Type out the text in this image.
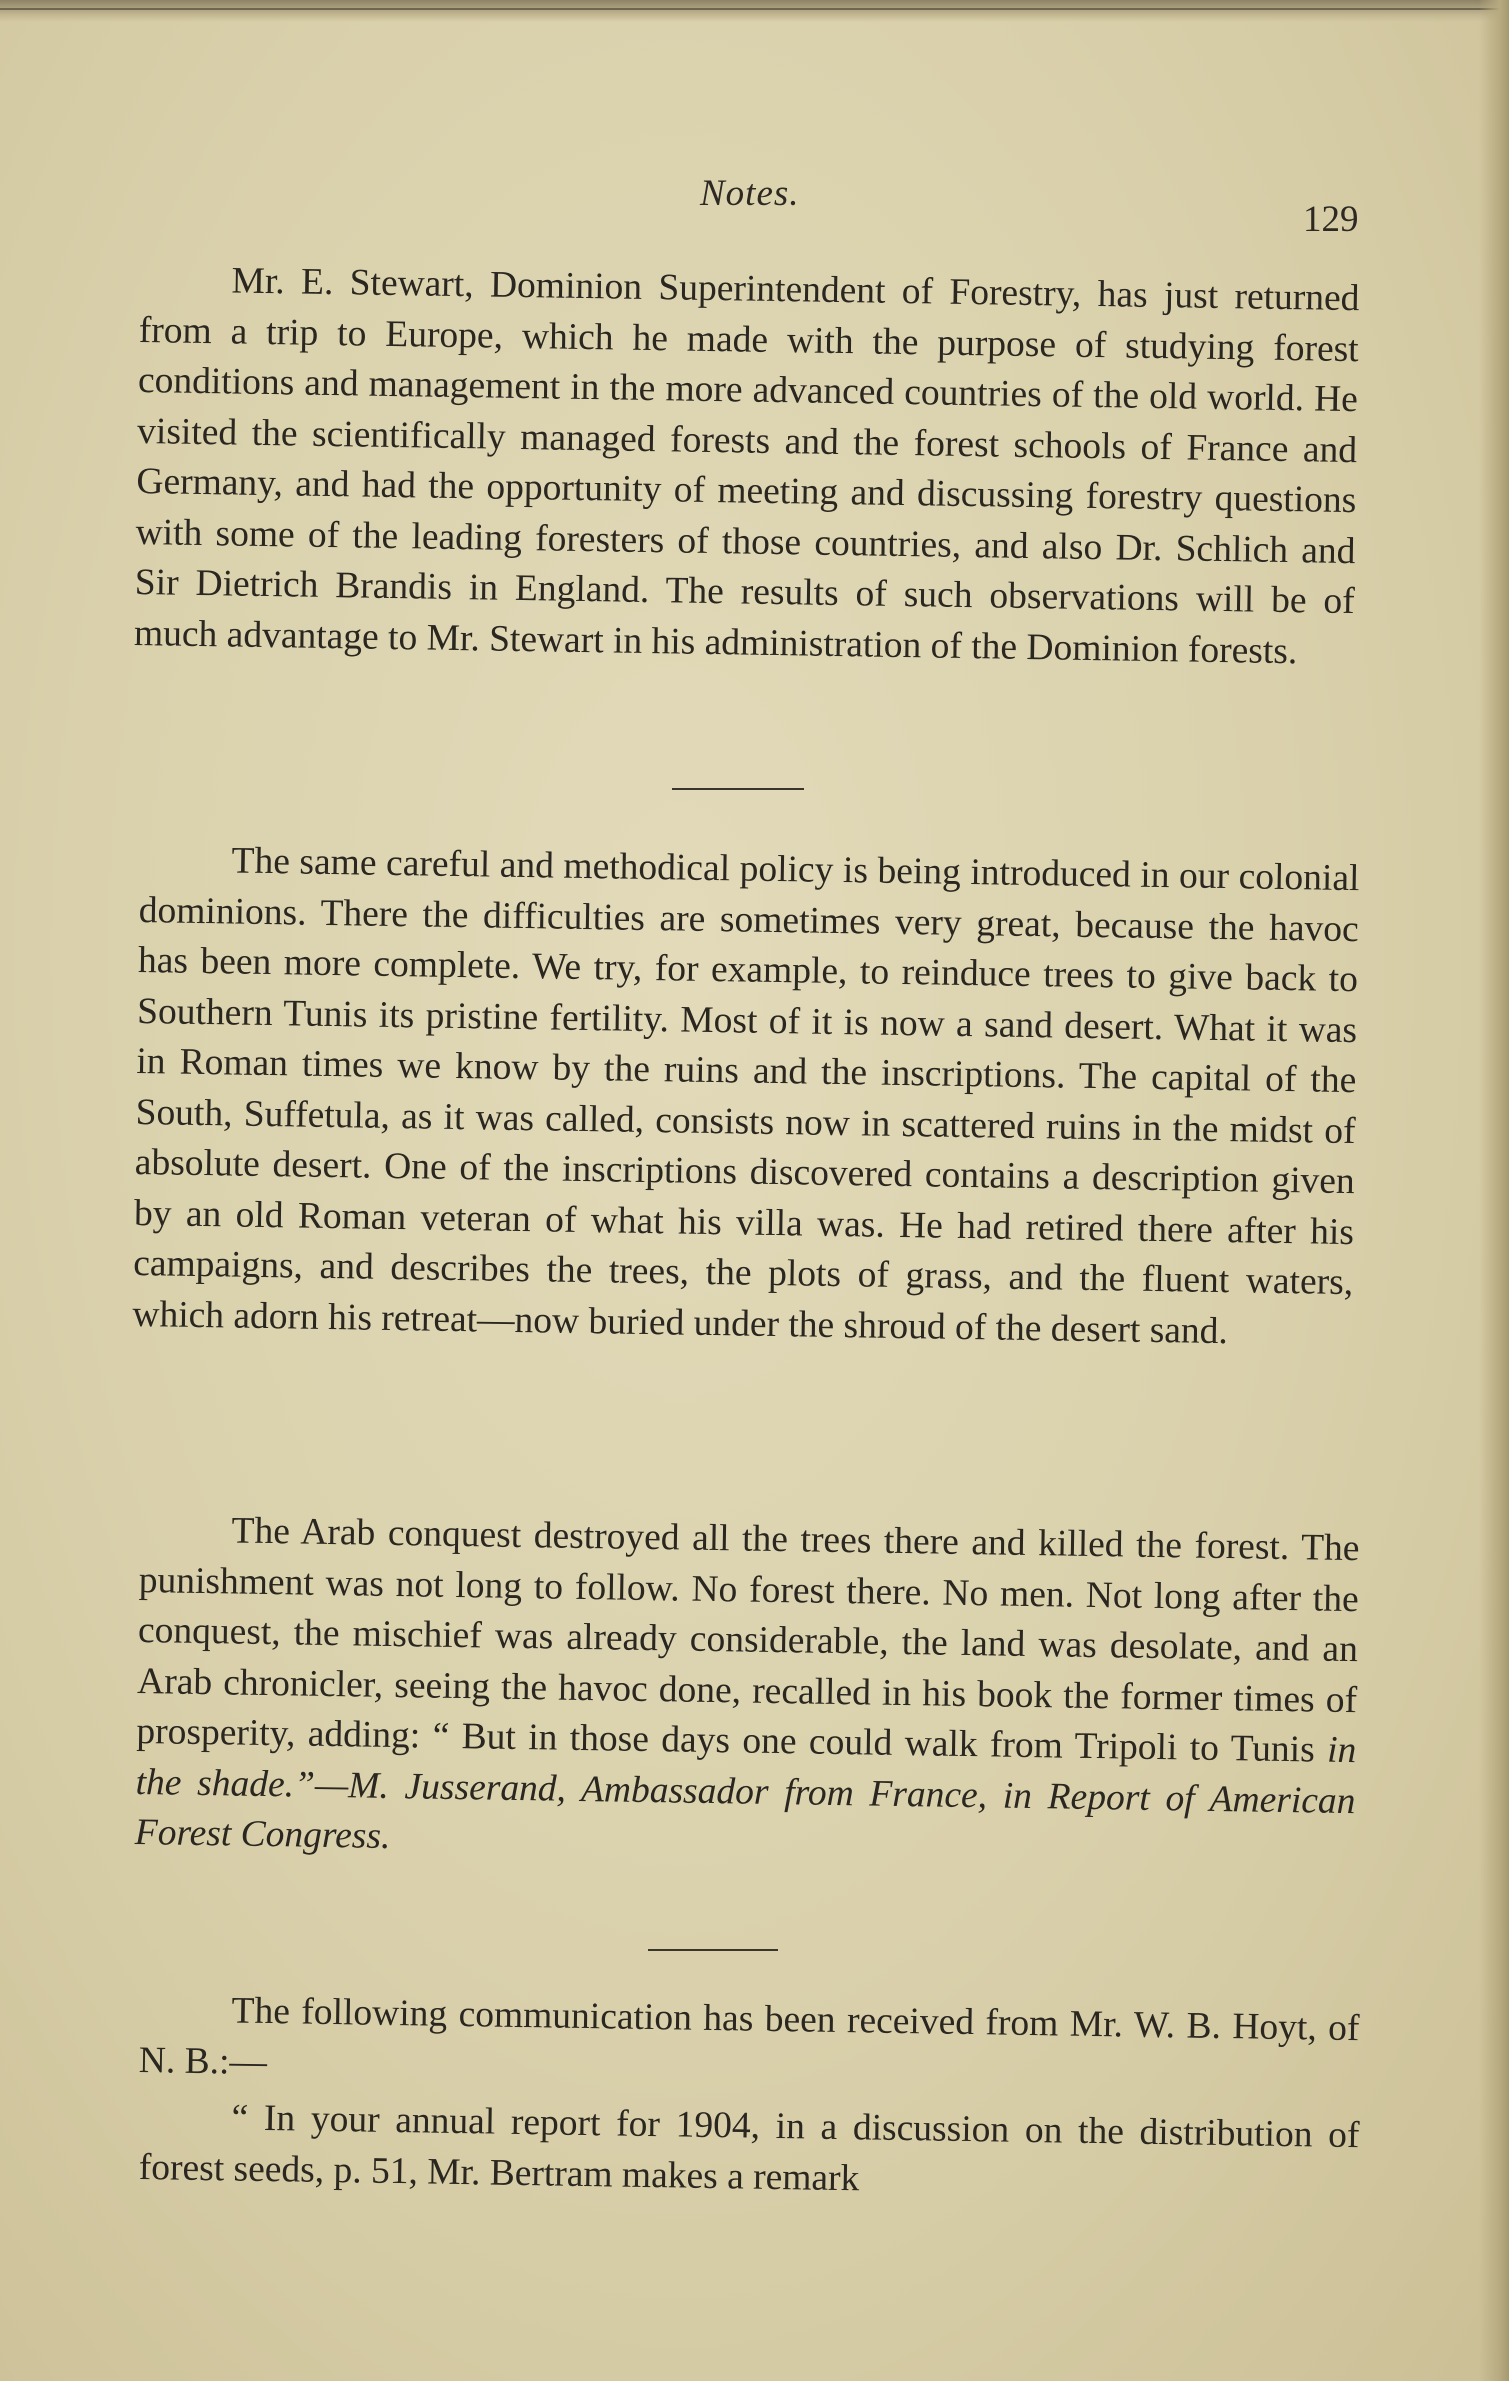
Notes.
129

Mr. E. Stewart, Dominion Superintendent of Forestry, has just returned from a trip to Europe, which he made with the purpose of studying forest conditions and management in the more advanced countries of the old world. He visited the scientifically managed forests and the forest schools of France and Germany, and had the opportunity of meeting and discussing forestry questions with some of the leading foresters of those countries, and also Dr. Schlich and Sir Dietrich Brandis in England. The results of such observations will be of much advantage to Mr. Stewart in his administration of the Dominion forests.

The same careful and methodical policy is being introduced in our colonial dominions. There the difficulties are sometimes very great, because the havoc has been more complete. We try, for example, to reinduce trees to give back to Southern Tunis its pristine fertility. Most of it is now a sand desert. What it was in Roman times we know by the ruins and the inscriptions. The capital of the South, Suffetula, as it was called, consists now in scattered ruins in the midst of absolute desert. One of the inscriptions discovered contains a description given by an old Roman veteran of what his villa was. He had retired there after his campaigns, and describes the trees, the plots of grass, and the fluent waters, which adorn his retreat—now buried under the shroud of the desert sand.

The Arab conquest destroyed all the trees there and killed the forest. The punishment was not long to follow. No forest there. No men. Not long after the conquest, the mischief was already considerable, the land was desolate, and an Arab chronicler, seeing the havoc done, recalled in his book the former times of prosperity, adding: “ But in those days one could walk from Tripoli to Tunis in the shade.”—M. Jusserand, Ambassador from France, in Report of American Forest Congress.

The following communication has been received from Mr. W. B. Hoyt, of N. B.:—

“ In your annual report for 1904, in a discussion on the distribution of forest seeds, p. 51, Mr. Bertram makes a remark
